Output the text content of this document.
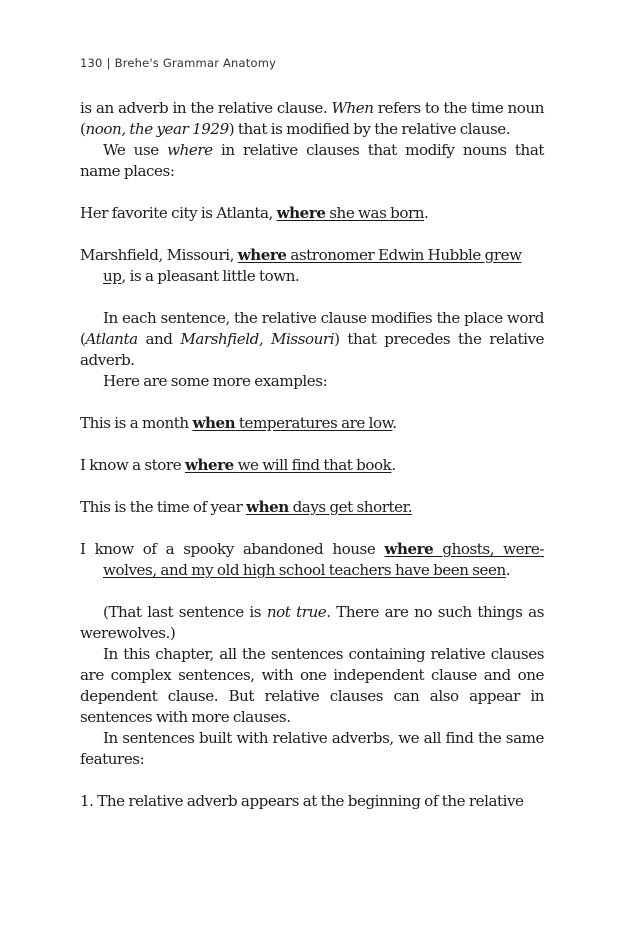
130 | Brehe's Grammar Anatomy

is an adverb in the relative clause. When refers to the time noun (noon, the year 1929) that is modified by the relative clause.

We use where in relative clauses that modify nouns that name places:

Her favorite city is Atlanta, where she was born.

Marshfield, Missouri, where astronomer Edwin Hubble grew up, is a pleasant little town.

In each sentence, the relative clause modifies the place word (Atlanta and Marshfield, Missouri) that precedes the relative adverb.

Here are some more examples:

This is a month when temperatures are low.

I know a store where we will find that book.

This is the time of year when days get shorter.

I know of a spooky abandoned house where ghosts, were-wolves, and my old high school teachers have been seen.

(That last sentence is not true. There are no such things as werewolves.)

In this chapter, all the sentences containing relative clauses are complex sentences, with one independent clause and one dependent clause. But relative clauses can also appear in sentences with more clauses.

In sentences built with relative adverbs, we all find the same features:

1. The relative adverb appears at the beginning of the relative
